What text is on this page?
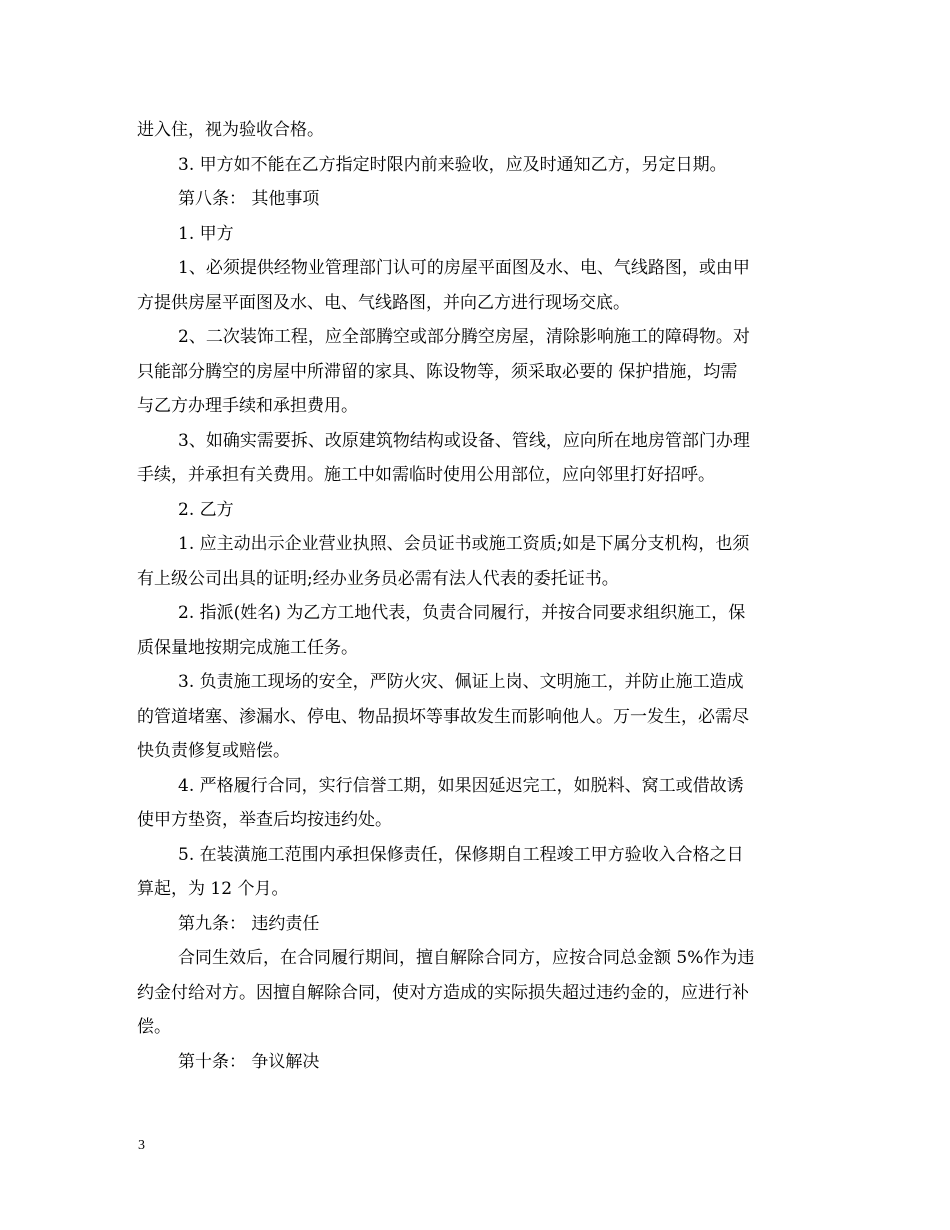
进入住，视为验收合格。
3. 甲方如不能在乙方指定时限内前来验收，应及时通知乙方，另定日期。
第八条： 其他事项
1. 甲方
1、必须提供经物业管理部门认可的房屋平面图及水、电、气线路图，或由甲
方提供房屋平面图及水、电、气线路图，并向乙方进行现场交底。
2、二次装饰工程，应全部腾空或部分腾空房屋，清除影响施工的障碍物。对
只能部分腾空的房屋中所滞留的家具、陈设物等，须采取必要的 保护措施，均需
与乙方办理手续和承担费用。
3、如确实需要拆、改原建筑物结构或设备、管线，应向所在地房管部门办理
手续，并承担有关费用。施工中如需临时使用公用部位，应向邻里打好招呼。
2. 乙方
1. 应主动出示企业营业执照、会员证书或施工资质;如是下属分支机构，也须
有上级公司出具的证明;经办业务员必需有法人代表的委托证书。
2. 指派(姓名) 为乙方工地代表，负责合同履行，并按合同要求组织施工，保
质保量地按期完成施工任务。
3. 负责施工现场的安全，严防火灾、佩证上岗、文明施工，并防止施工造成
的管道堵塞、渗漏水、停电、物品损坏等事故发生而影响他人。万一发生，必需尽
快负责修复或赔偿。
4. 严格履行合同，实行信誉工期，如果因延迟完工，如脱料、窝工或借故诱
使甲方垫资，举查后均按违约处。
5. 在装潢施工范围内承担保修责任，保修期自工程竣工甲方验收入合格之日
算起，为 12 个月。
第九条： 违约责任
合同生效后，在合同履行期间，擅自解除合同方，应按合同总金额 5%作为违
约金付给对方。因擅自解除合同，使对方造成的实际损失超过违约金的，应进行补
偿。
第十条： 争议解决
3
